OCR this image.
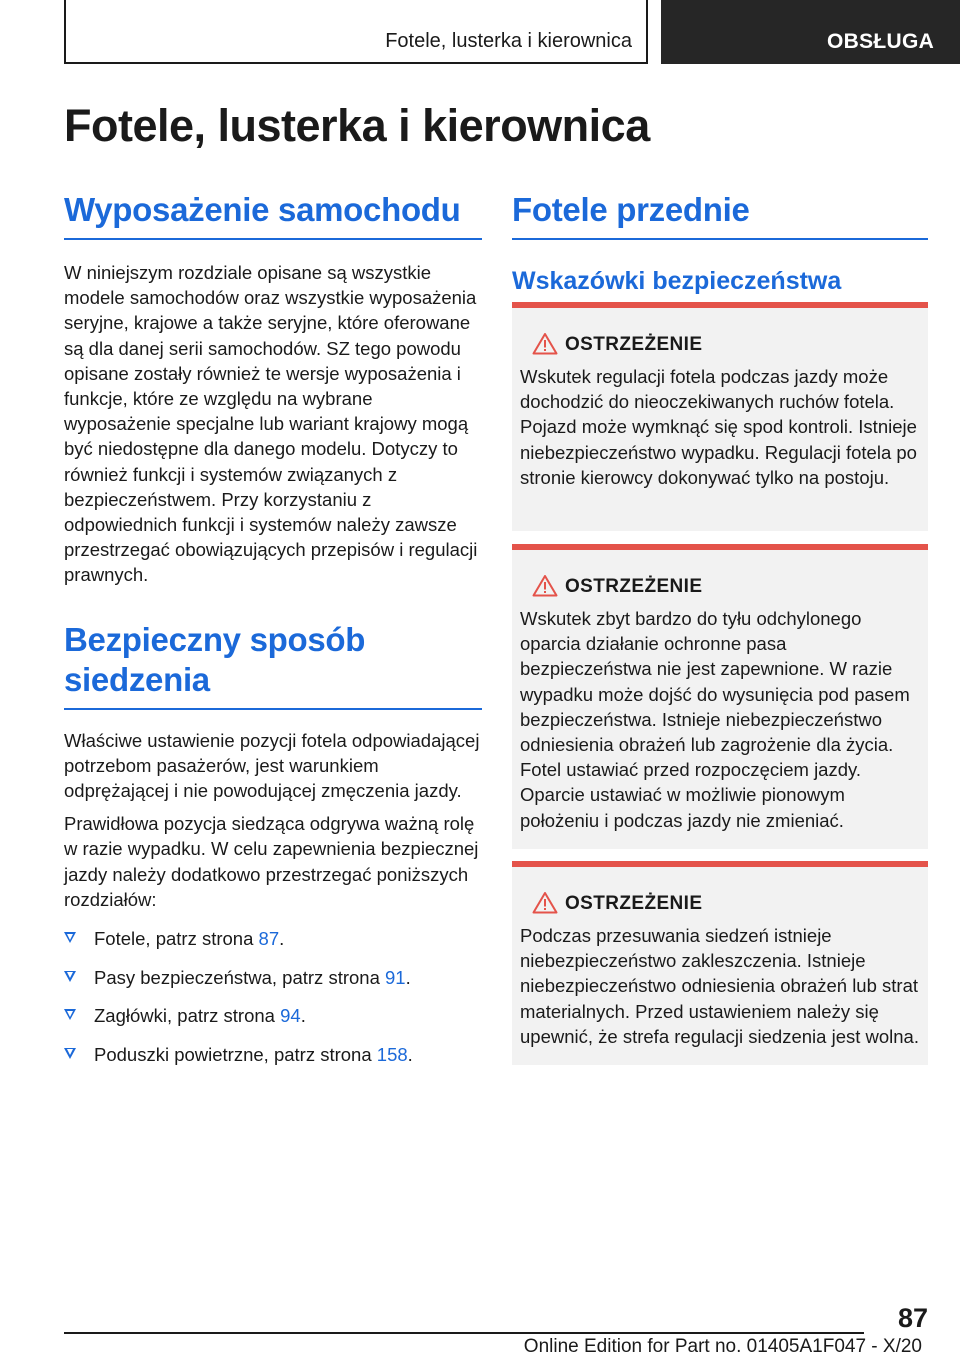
Fotele, lusterka i kierownica	OBSŁUGA
Fotele, lusterka i kierownica
Wyposażenie samochodu

W niniejszym rozdziale opisane są wszystkie modele samochodów oraz wszystkie wyposażenia seryjne, krajowe a także seryjne, które oferowane są dla danej serii samochodów. SZ tego powodu opisane zostały również te wersje wyposażenia i funkcje, które ze względu na wybrane wyposażenie specjalne lub wariant krajowy mogą być niedostępne dla danego modelu. Dotyczy to również funkcji i systemów związanych z bezpieczeństwem. Przy korzystaniu z odpowiednich funkcji i systemów należy zawsze przestrzegać obowiązujących przepisów i regulacji prawnych.

Bezpieczny sposób siedzenia

Właściwe ustawienie pozycji fotela odpowiadającej potrzebom pasażerów, jest warunkiem odprężającej i nie powodującej zmęczenia jazdy.

Prawidłowa pozycja siedząca odgrywa ważną rolę w razie wypadku. W celu zapewnienia bezpiecznej jazdy należy dodatkowo przestrzegać poniższych rozdziałów:

Fotele, patrz strona 87.
Pasy bezpieczeństwa, patrz strona 91.
Zagłówki, patrz strona 94.
Poduszki powietrzne, patrz strona 158.
Fotele przednie
Wskazówki bezpieczeństwa
OSTRZEŻENIE

Wskutek regulacji fotela podczas jazdy może dochodzić do nieoczekiwanych ruchów fotela. Pojazd może wymknąć się spod kontroli. Istnieje niebezpieczeństwo wypadku. Regulacji fotela po stronie kierowcy dokonywać tylko na postoju.

OSTRZEŻENIE

Wskutek zbyt bardzo do tyłu odchylonego oparcia działanie ochronne pasa bezpieczeństwa nie jest zapewnione. W razie wypadku może dojść do wysunięcia pod pasem bezpieczeństwa. Istnieje niebezpieczeństwo odniesienia obrażeń lub zagrożenie dla życia. Fotel ustawiać przed rozpoczęciem jazdy. Oparcie ustawiać w możliwie pionowym położeniu i podczas jazdy nie zmieniać.

OSTRZEŻENIE

Podczas przesuwania siedzeń istnieje niebezpieczeństwo zakleszczenia. Istnieje niebezpieczeństwo odniesienia obrażeń lub strat materialnych. Przed ustawieniem należy się upewnić, że strefa regulacji siedzenia jest wolna.

87
Online Edition for Part no. 01405A1F047 - X/20
